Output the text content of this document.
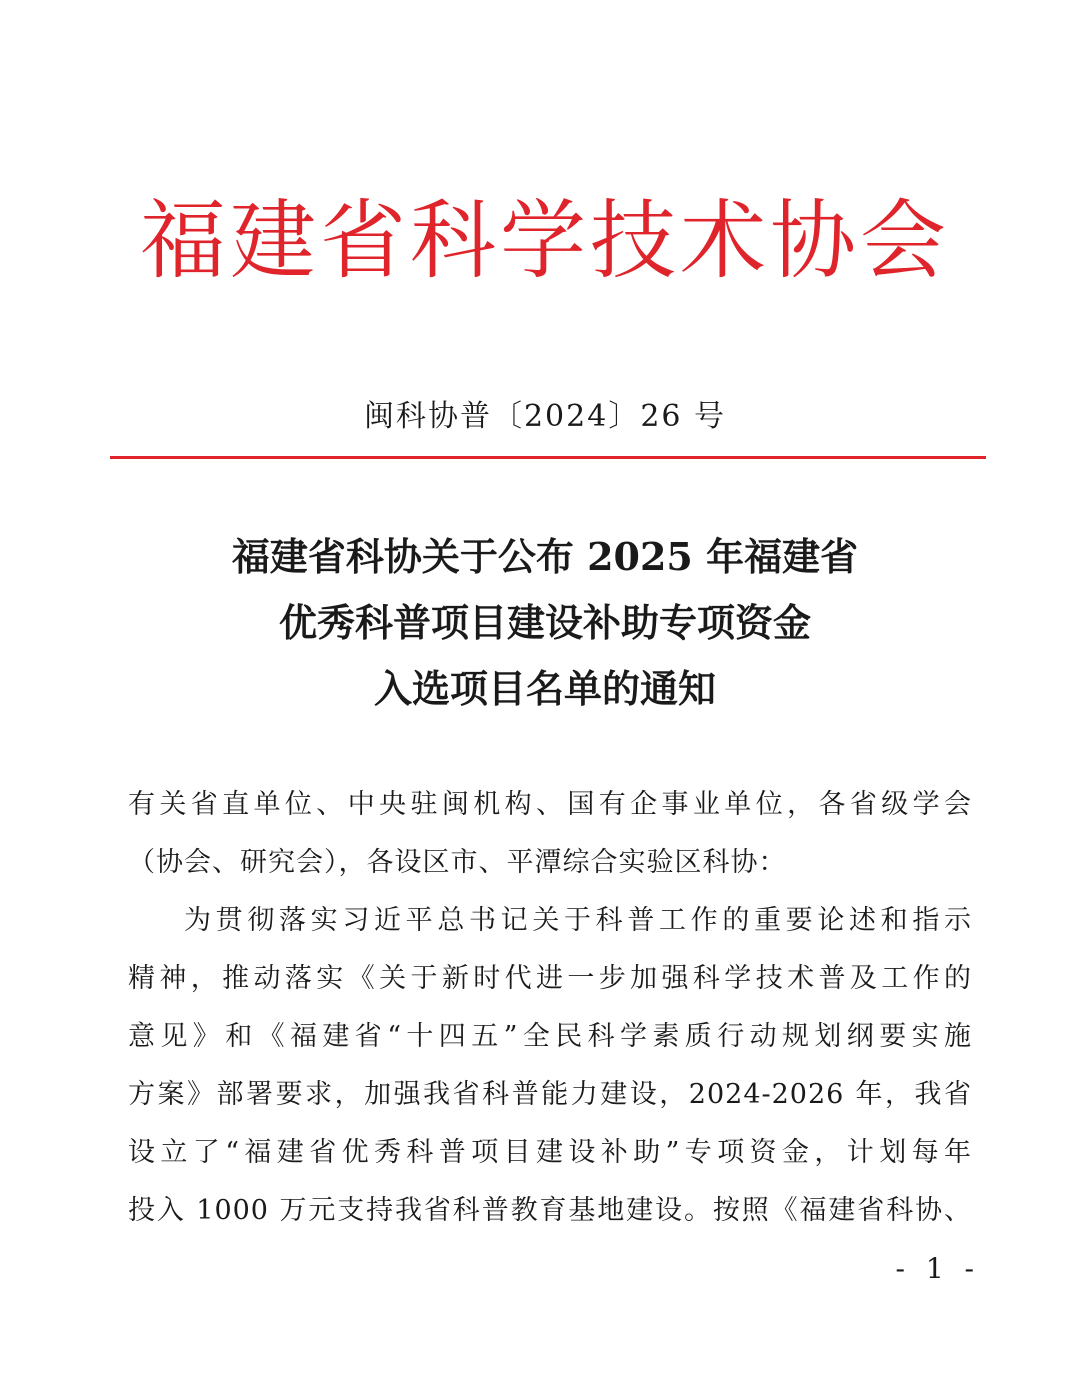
福建省科学技术协会
闽科协普〔2024〕26 号
福建省科协关于公布 2025 年福建省
优秀科普项目建设补助专项资金
入选项目名单的通知
有关省直单位、中央驻闽机构、国有企事业单位，各省级学会
（协会、研究会），各设区市、平潭综合实验区科协：
为贯彻落实习近平总书记关于科普工作的重要论述和指示
精神，推动落实《关于新时代进一步加强科学技术普及工作的
意见》和《福建省“十四五”全民科学素质行动规划纲要实施
方案》部署要求，加强我省科普能力建设，2024-2026 年，我省
设立了“福建省优秀科普项目建设补助”专项资金，计划每年
投入 1000 万元支持我省科普教育基地建设。按照《福建省科协、
- 1 -
